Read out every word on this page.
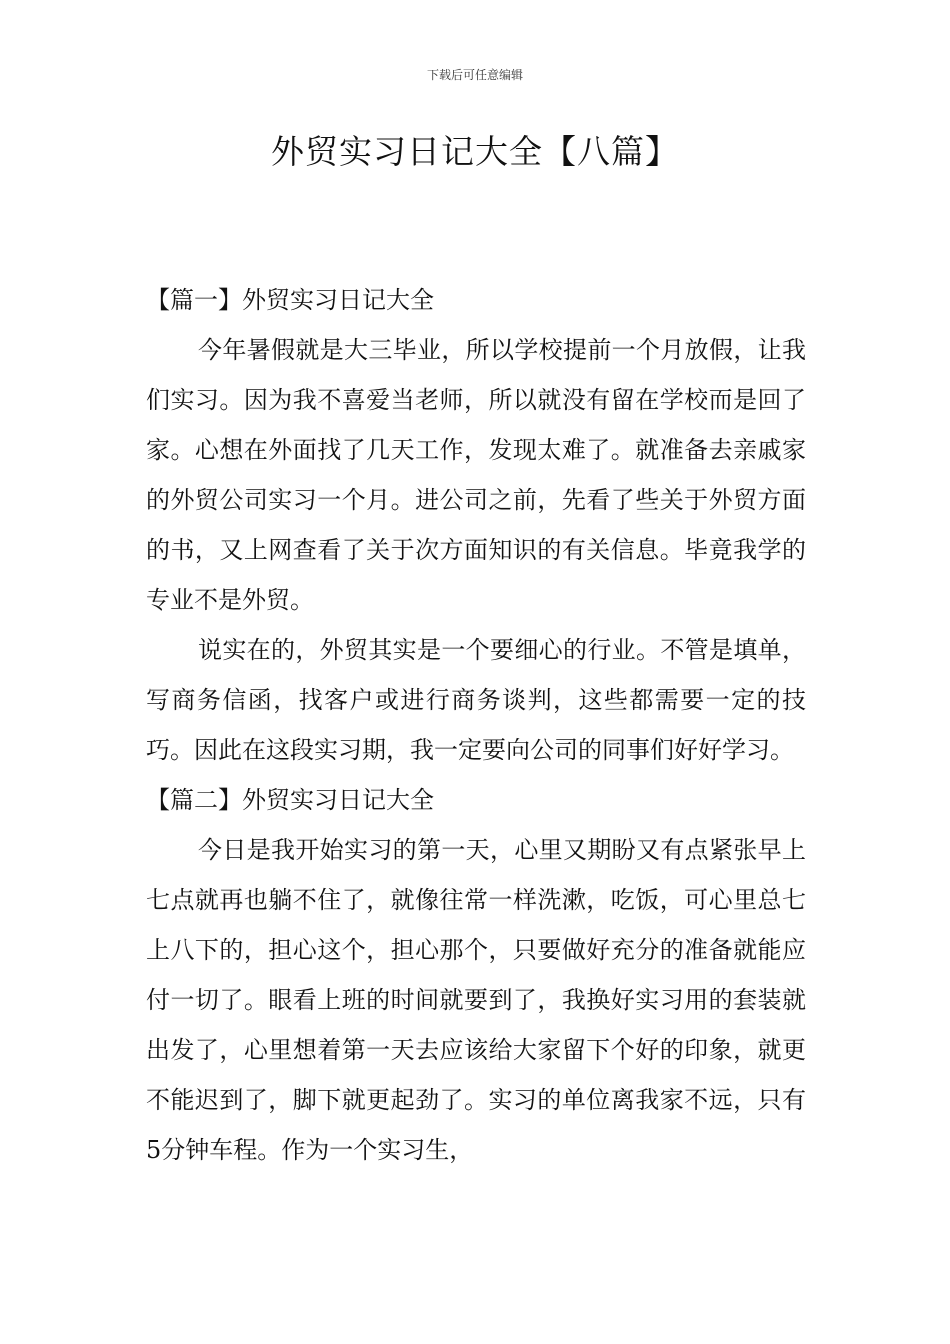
下载后可任意编辑
外贸实习日记大全【八篇】
【篇一】外贸实习日记大全

今年暑假就是大三毕业，所以学校提前一个月放假，让我们实习。因为我不喜爱当老师，所以就没有留在学校而是回了家。心想在外面找了几天工作，发现太难了。就准备去亲戚家的外贸公司实习一个月。进公司之前，先看了些关于外贸方面的书，又上网查看了关于次方面知识的有关信息。毕竟我学的专业不是外贸。

说实在的，外贸其实是一个要细心的行业。不管是填单，写商务信函，找客户或进行商务谈判，这些都需要一定的技巧。因此在这段实习期，我一定要向公司的同事们好好学习。

【篇二】外贸实习日记大全

今日是我开始实习的第一天，心里又期盼又有点紧张早上七点就再也躺不住了，就像往常一样洗漱，吃饭，可心里总七上八下的，担心这个，担心那个，只要做好充分的准备就能应付一切了。眼看上班的时间就要到了，我换好实习用的套装就出发了，心里想着第一天去应该给大家留下个好的印象，就更不能迟到了，脚下就更起劲了。实习的单位离我家不远，只有5分钟车程。作为一个实习生，
